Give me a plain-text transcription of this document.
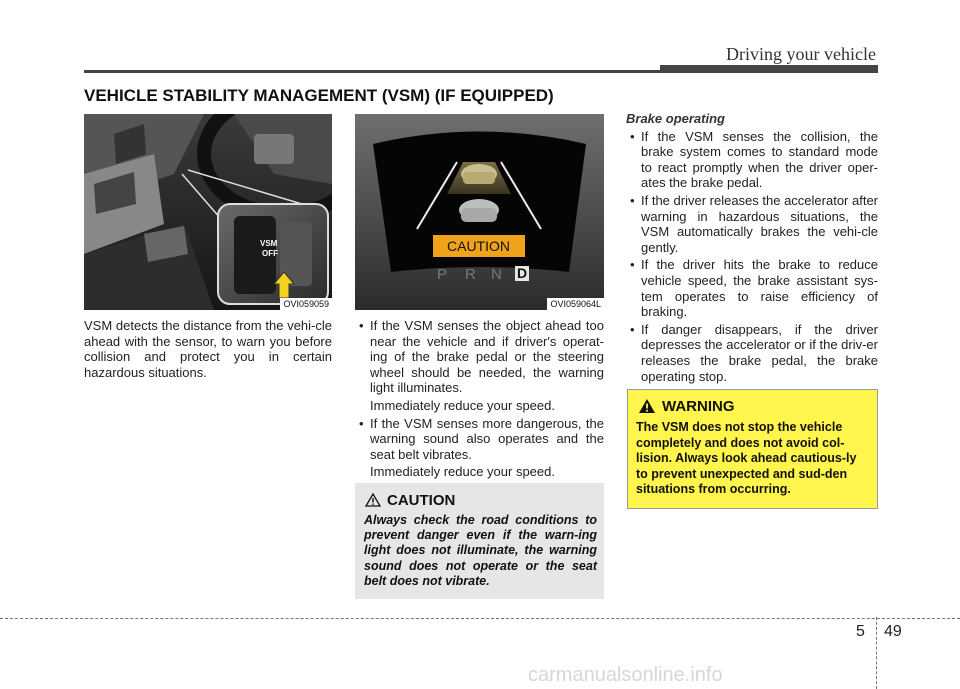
Driving your vehicle
VEHICLE STABILITY MANAGEMENT (VSM) (IF EQUIPPED)
VSM
OFF
OVI059059
CAUTION
P R N D
OVI059064L
VSM detects the distance from the vehi-cle ahead with the sensor, to warn you before collision and protect you in certain hazardous situations.
• If the VSM senses the object ahead too near the vehicle and if driver's operat-ing of the brake pedal or the steering wheel should be needed, the warning light illuminates.
Immediately reduce your speed.
• If the VSM senses more dangerous, the warning sound also operates and the seat belt vibrates.
Immediately reduce your speed.
CAUTION
Always check the road conditions to prevent danger even if the warn-ing light does not illuminate, the warning sound does not operate or the seat belt does not vibrate.
Brake operating
• If the VSM senses the collision, the brake system comes to standard mode to react promptly when the driver oper-ates the brake pedal.
• If the driver releases the accelerator after warning in hazardous situations, the VSM automatically brakes the vehi-cle gently.
• If the driver hits the brake to reduce vehicle speed, the brake assistant sys-tem operates to raise efficiency of braking.
• If danger disappears, if the driver depresses the accelerator or if the driv-er releases the brake pedal, the brake operating stop.
WARNING
The VSM does not stop the vehicle completely and does not avoid col-lision. Always look ahead cautious-ly to prevent unexpected and sud-den situations from occurring.
5 49
carmanualsonline.info
